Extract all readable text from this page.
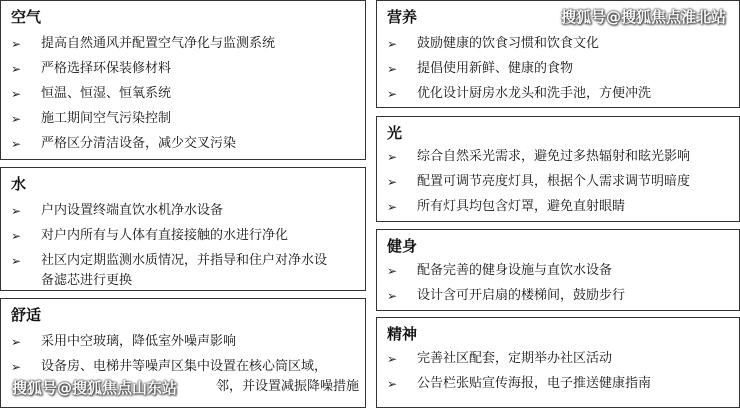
空气
➢ 提高自然通风并配置空气净化与监测系统
➢ 严格选择环保装修材料
➢ 恒温、恒湿、恒氧系统
➢ 施工期间空气污染控制
➢ 严格区分清洁设备，减少交叉污染
水
➢ 户内设置终端直饮水机净水设备
➢ 对户内所有与人体有直接接触的水进行净化
➢ 社区内定期监测水质情况，并指导和住户对净水设
备滤芯进行更换
舒适
➢ 采用中空玻璃，降低室外噪声影响
➢ 设备房、电梯井等噪声区集中设置在核心筒区域，
邻，并设置减振降噪措施
营养
➢ 鼓励健康的饮食习惯和饮食文化
➢ 提倡使用新鲜、健康的食物
➢ 优化设计厨房水龙头和洗手池，方便冲洗
光
➢ 综合自然采光需求，避免过多热辐射和眩光影响
➢ 配置可调节亮度灯具，根据个人需求调节明暗度
➢ 所有灯具均包含灯罩，避免直射眼睛
健身
➢ 配备完善的健身设施与直饮水设备
➢ 设计含可开启扇的楼梯间，鼓励步行
精神
➢ 完善社区配套，定期举办社区活动
➢ 公告栏张贴宣传海报，电子推送健康指南
搜狐号@搜狐焦点淮北站
搜狐号@搜狐焦点山东站
